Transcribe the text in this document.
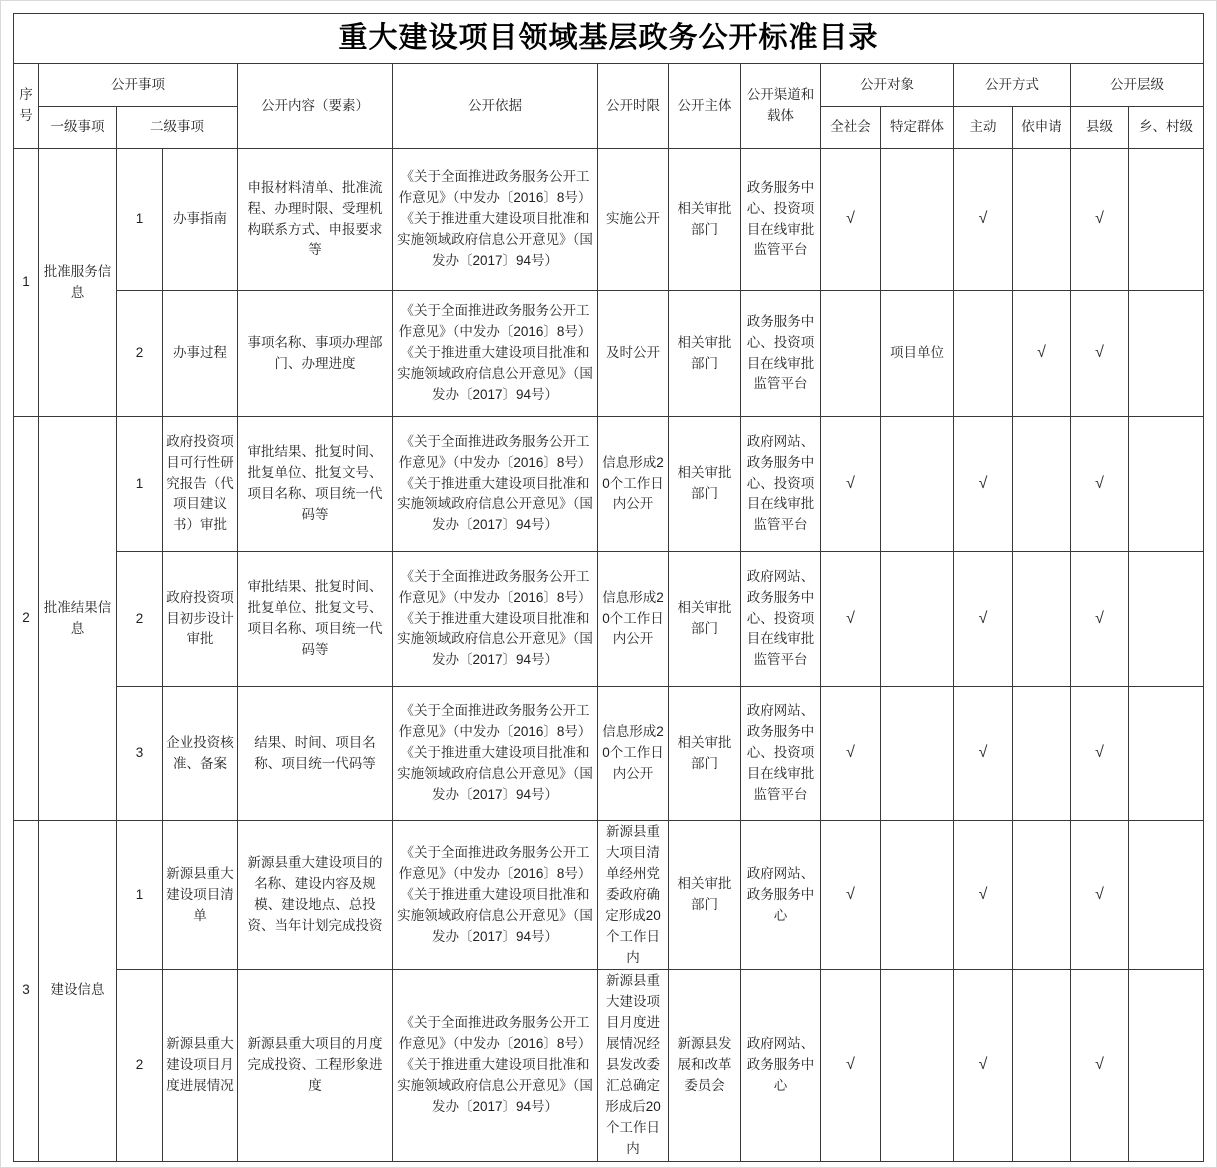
重大建设项目领域基层政务公开标准目录														
序号	公开事项			公开内容（要素）	公开依据	公开时限	公开主体	公开渠道和载体	公开对象		公开方式		公开层级	
	一级事项	二级事项							全社会	特定群体	主动	依申请	县级	乡、村级
1	批准服务信息	1	办事指南	申报材料清单、批准流程、办理时限、受理机构联系方式、申报要求等	《关于全面推进政务服务公开工作意见》（中发办〔2016〕8号）《关于推进重大建设项目批准和实施领域政府信息公开意见》（国发办〔2017〕94号）	实施公开	相关审批部门	政务服务中心、投资项目在线审批监管平台	√		√		√	
		2	办事过程	事项名称、事项办理部门、办理进度	《关于全面推进政务服务公开工作意见》（中发办〔2016〕8号）《关于推进重大建设项目批准和实施领域政府信息公开意见》（国发办〔2017〕94号）	及时公开	相关审批部门	政务服务中心、投资项目在线审批监管平台		项目单位		√	√	
2	批准结果信息	1	政府投资项目可行性研究报告（代项目建议书）审批	审批结果、批复时间、批复单位、批复文号、项目名称、项目统一代码等	《关于全面推进政务服务公开工作意见》（中发办〔2016〕8号）《关于推进重大建设项目批准和实施领域政府信息公开意见》（国发办〔2017〕94号）	信息形成20个工作日内公开	相关审批部门	政府网站、政务服务中心、投资项目在线审批监管平台	√		√		√	
		2	政府投资项目初步设计审批	审批结果、批复时间、批复单位、批复文号、项目名称、项目统一代码等	《关于全面推进政务服务公开工作意见》（中发办〔2016〕8号）《关于推进重大建设项目批准和实施领域政府信息公开意见》（国发办〔2017〕94号）	信息形成20个工作日内公开	相关审批部门	政府网站、政务服务中心、投资项目在线审批监管平台	√		√		√	
		3	企业投资核准、备案	结果、时间、项目名称、项目统一代码等	《关于全面推进政务服务公开工作意见》（中发办〔2016〕8号）《关于推进重大建设项目批准和实施领域政府信息公开意见》（国发办〔2017〕94号）	信息形成20个工作日内公开	相关审批部门	政府网站、政务服务中心、投资项目在线审批监管平台	√		√		√	
3	建设信息	1	新源县重大建设项目清单	新源县重大建设项目的名称、建设内容及规模、建设地点、总投资、当年计划完成投资	《关于全面推进政务服务公开工作意见》（中发办〔2016〕8号）《关于推进重大建设项目批准和实施领域政府信息公开意见》（国发办〔2017〕94号）	新源县重大项目清单经州党委政府确定形成20个工作日内	相关审批部门	政府网站、政务服务中心	√		√		√	
		2	新源县重大建设项目月度进展情况	新源县重大项目的月度完成投资、工程形象进度	《关于全面推进政务服务公开工作意见》（中发办〔2016〕8号）《关于推进重大建设项目批准和实施领域政府信息公开意见》（国发办〔2017〕94号）	新源县重大建设项目月度进展情况经县发改委汇总确定形成后20个工作日内	新源县发展和改革委员会	政府网站、政务服务中心	√		√		√	
